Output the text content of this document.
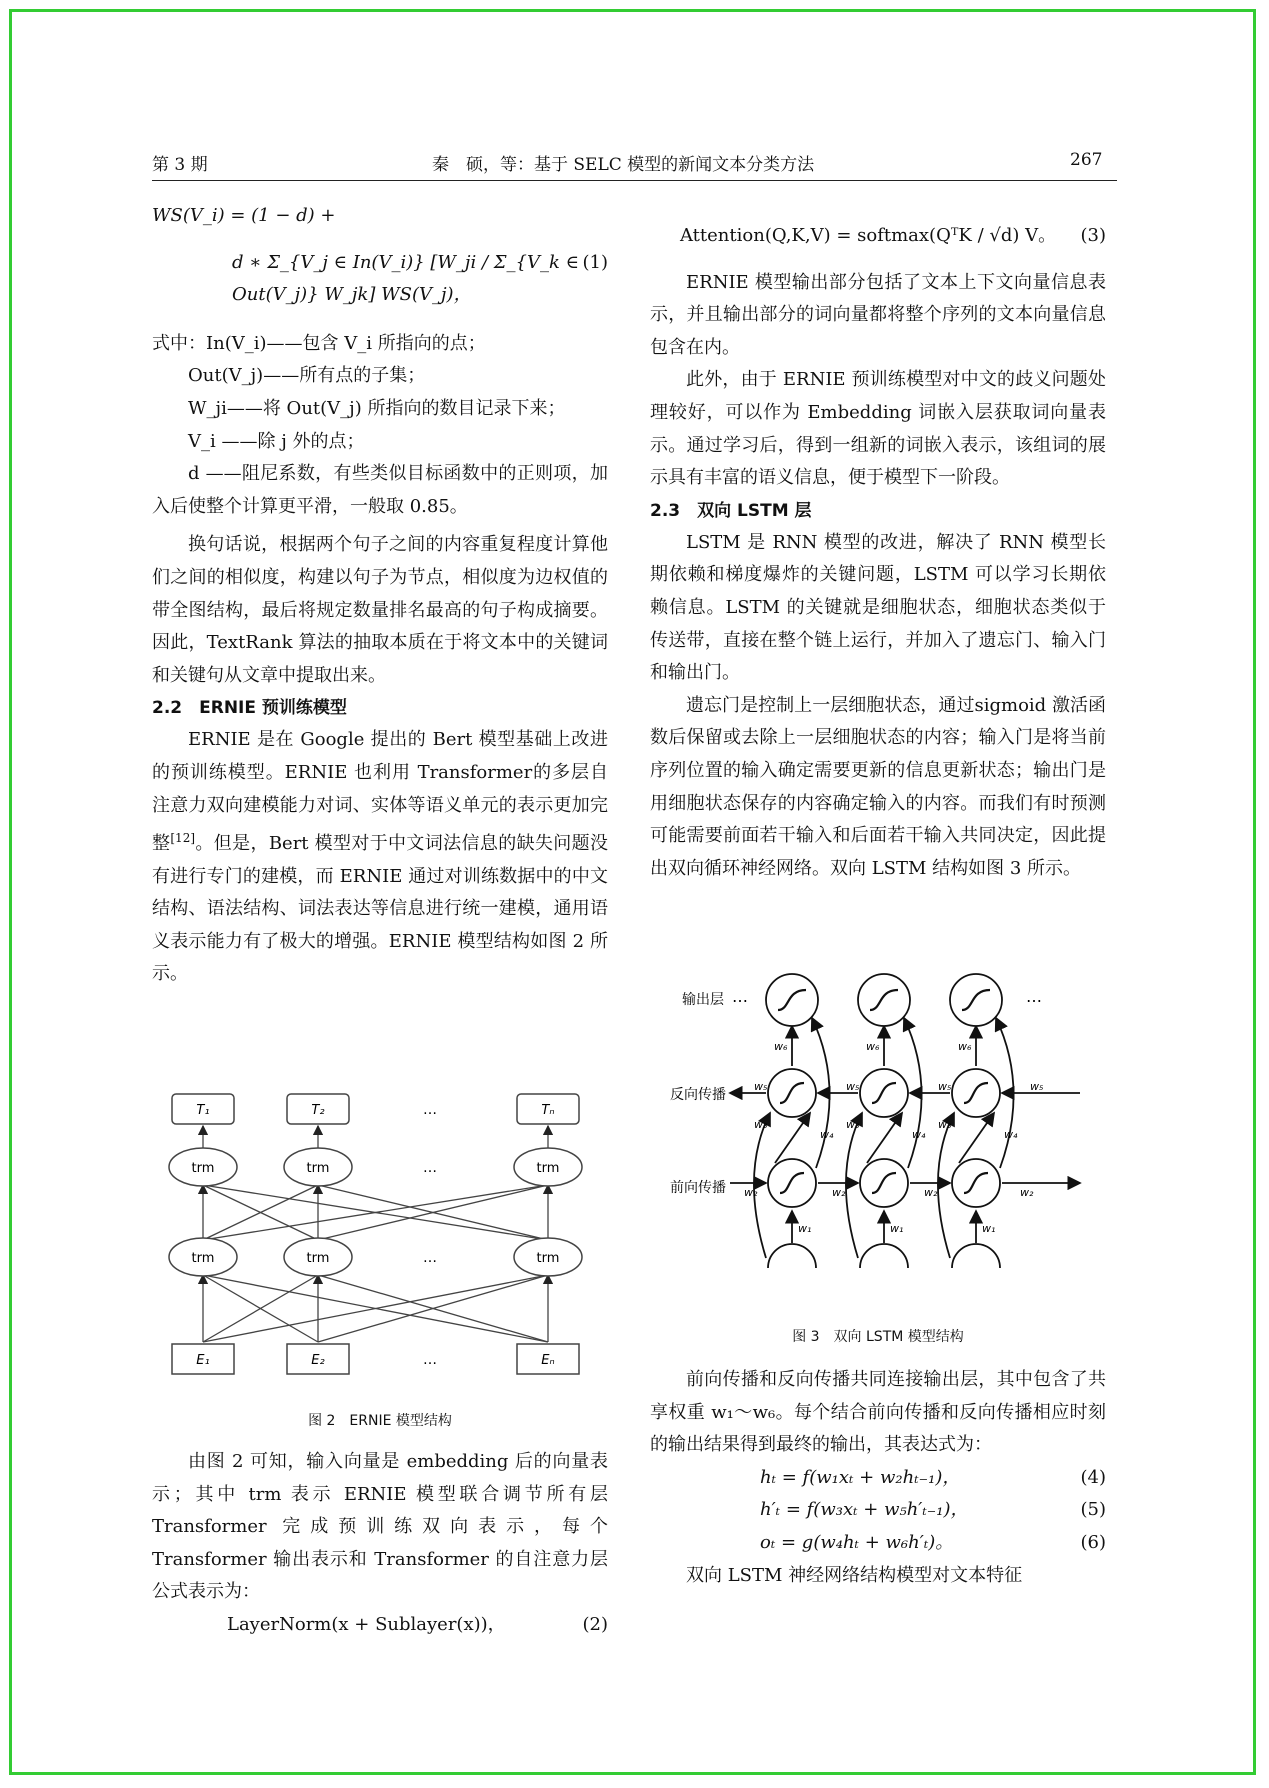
第 3 期	秦　硕，等：基于 SELC 模型的新闻文本分类方法	267

WS(V_i) = (1 − d) +

d ∗ Σ_{V_j ∈ In(V_i)} [W_ji / Σ_{V_k ∈ Out(V_j)} W_jk] WS(V_j)，
(1)

式中：In(V_i)——包含 V_i 所指向的点；

Out(V_j)——所有点的子集；

W_ji——将 Out(V_j) 所指向的数目记录下来；

V_i ——除 j 外的点；

d ——阻尼系数，有些类似目标函数中的正则项，加入后使整个计算更平滑，一般取 0.85。

换句话说，根据两个句子之间的内容重复程度计算他们之间的相似度，构建以句子为节点，相似度为边权值的带全图结构，最后将规定数量排名最高的句子构成摘要。因此，TextRank 算法的抽取本质在于将文本中的关键词和关键句从文章中提取出来。

2.2　ERNIE 预训练模型

ERNIE 是在 Google 提出的 Bert 模型基础上改进的预训练模型。ERNIE 也利用 Transformer的多层自注意力双向建模能力对词、实体等语义单元的表示更加完整[12]。但是，Bert 模型对于中文词法信息的缺失问题没有进行专门的建模，而 ERNIE 通过对训练数据中的中文结构、语法结构、词法表达等信息进行统一建模，通用语义表示能力有了极大的增强。ERNIE 模型结构如图 2 所示。

T₁	T₂	…	Tₙ
trm	trm	…	trm
trm	trm	…	trm
E₁	E₂	…	Eₙ
图 2　ERNIE 模型结构

由图 2 可知，输入向量是 embedding 后的向量表示；其中 trm 表示 ERNIE 模型联合调节所有层 Transformer 完成预训练双向表示，每个 Transformer 输出表示和 Transformer 的自注意力层公式表示为：

LayerNorm(x + Sublayer(x))，	(2)
Attention(Q,K,V) = softmax(QᵀK / √d) V。 (3)

ERNIE 模型输出部分包括了文本上下文向量信息表示，并且输出部分的词向量都将整个序列的文本向量信息包含在内。

此外，由于 ERNIE 预训练模型对中文的歧义问题处理较好，可以作为 Embedding 词嵌入层获取词向量表示。通过学习后，得到一组新的词嵌入表示，该组词的展示具有丰富的语义信息，便于模型下一阶段。

2.3　双向 LSTM 层

LSTM 是 RNN 模型的改进，解决了 RNN 模型长期依赖和梯度爆炸的关键问题，LSTM 可以学习长期依赖信息。LSTM 的关键就是细胞状态，细胞状态类似于传送带，直接在整个链上运行，并加入了遗忘门、输入门和输出门。

遗忘门是控制上一层细胞状态，通过sigmoid 激活函数后保留或去除上一层细胞状态的内容；输入门是将当前序列位置的输入确定需要更新的信息更新状态；输出门是用细胞状态保存的内容确定输入的内容。而我们有时预测可能需要前面若干输入和后面若干输入共同决定，因此提出双向循环神经网络。双向 LSTM 结构如图 3 所示。

输出层
反向传播
前向传播
…	…
w₆	w₆	w₆
w₅	w₅	w₅	w₅
w₄	w₄	w₄
w₃	w₃	w₃
w₂	w₂	w₂	w₂
w₁	w₁	w₁
图 3　双向 LSTM 模型结构

前向传播和反向传播共同连接输出层，其中包含了共享权重 w₁～w₆。每个结合前向传播和反向传播相应时刻的输出结果得到最终的输出，其表达式为：

hₜ = f(w₁xₜ + w₂hₜ₋₁)，	(4)
h′ₜ = f(w₃xₜ + w₅h′ₜ₋₁)，	(5)
oₜ = g(w₄hₜ + w₆h′ₜ)。	(6)

双向 LSTM 神经网络结构模型对文本特征
